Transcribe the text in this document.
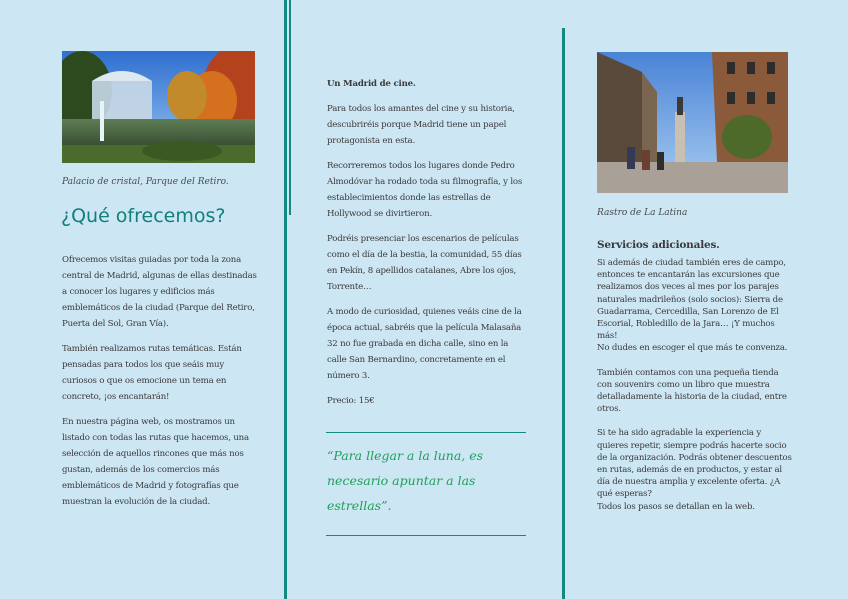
Palacio de cristal, Parque del Retiro.
¿Qué ofrecemos?

Ofrecemos visitas guiadas por toda la zona central de Madrid, algunas de ellas destinadas a conocer los lugares y edificios más emblemáticos de la ciudad (Parque del Retiro, Puerta del Sol, Gran Vía).

También realizamos rutas temáticas. Están pensadas para todos los que seáis muy curiosos o que os emocione un tema en concreto, ¡os encantarán!

En nuestra página web, os mostramos un listado con todas las rutas que hacemos, una selección de aquellos rincones que más nos gustan, además de los comercios más emblemáticos de Madrid y fotografías que muestran la evolución de la ciudad.

Un Madrid de cine.

Para todos los amantes del cine y su historia, descubriréis porque Madrid tiene un papel protagonista en esta.

Recorreremos todos los lugares donde Pedro Almodóvar ha rodado toda su filmografía, y los establecimientos donde las estrellas de Hollywood se divirtieron.

Podréis presenciar los escenarios de películas como el día de la bestia, la comunidad, 55 días en Pekín, 8 apellidos catalanes, Abre los ojos, Torrente…

A modo de curiosidad, quienes veáis cine de la época actual, sabréis que la película Malasaña 32 no fue grabada en dicha calle, sino en la calle San Bernardino, concretamente en el número 3.

Precio: 15€

“Para llegar a la luna, es necesario apuntar a las estrellas”.
Rastro de La Latina
Servicios adicionales.

Si además de ciudad también eres de campo, entonces te encantarán las excursiones que realizamos dos veces al mes por los parajes naturales madrileños (solo socios): Sierra de Guadarrama, Cercedilla, San Lorenzo de El Escorial, Robledillo de la Jara… ¡Y muchos más!

No dudes en escoger el que más te convenza.

También contamos con una pequeña tienda con souvenirs como un libro que muestra detalladamente la historia de la ciudad, entre otros.

Si te ha sido agradable la experiencia y quieres repetir, siempre podrás hacerte socio de la organización. Podrás obtener descuentos en rutas, además de en productos, y estar al día de nuestra amplia y excelente oferta. ¿A qué esperas?

Todos los pasos se detallan en la web.
